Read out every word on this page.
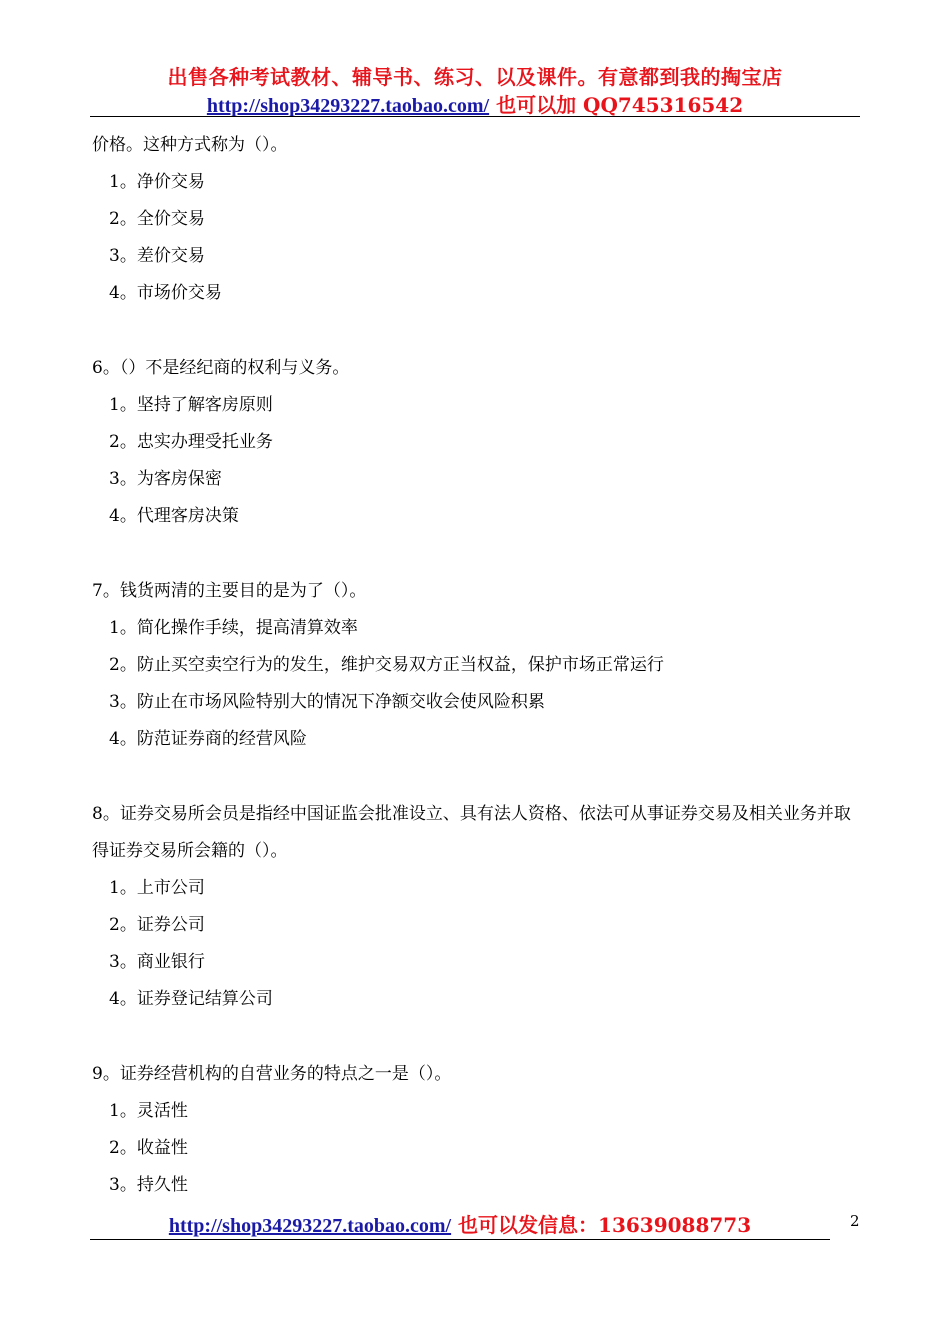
出售各种考试教材、辅导书、练习、以及课件。有意都到我的掏宝店
http://shop34293227.taobao.com/ 也可以加 QQ745316542
价格。这种方式称为（）。
1。净价交易
2。全价交易
3。差价交易
4。市场价交易
6。（）不是经纪商的权利与义务。
1。坚持了解客房原则
2。忠实办理受托业务
3。为客房保密
4。代理客房决策
7。钱货两清的主要目的是为了（）。
1。简化操作手续，提高清算效率
2。防止买空卖空行为的发生，维护交易双方正当权益，保护市场正常运行
3。防止在市场风险特别大的情况下净额交收会使风险积累
4。防范证券商的经营风险
8。证券交易所会员是指经中国证监会批准设立、具有法人资格、依法可从事证券交易及相关业务并取得证券交易所会籍的（）。
1。上市公司
2。证券公司
3。商业银行
4。证券登记结算公司
9。证券经营机构的自营业务的特点之一是（）。
1。灵活性
2。收益性
3。持久性
http://shop34293227.taobao.com/ 也可以发信息：13639088773	2
